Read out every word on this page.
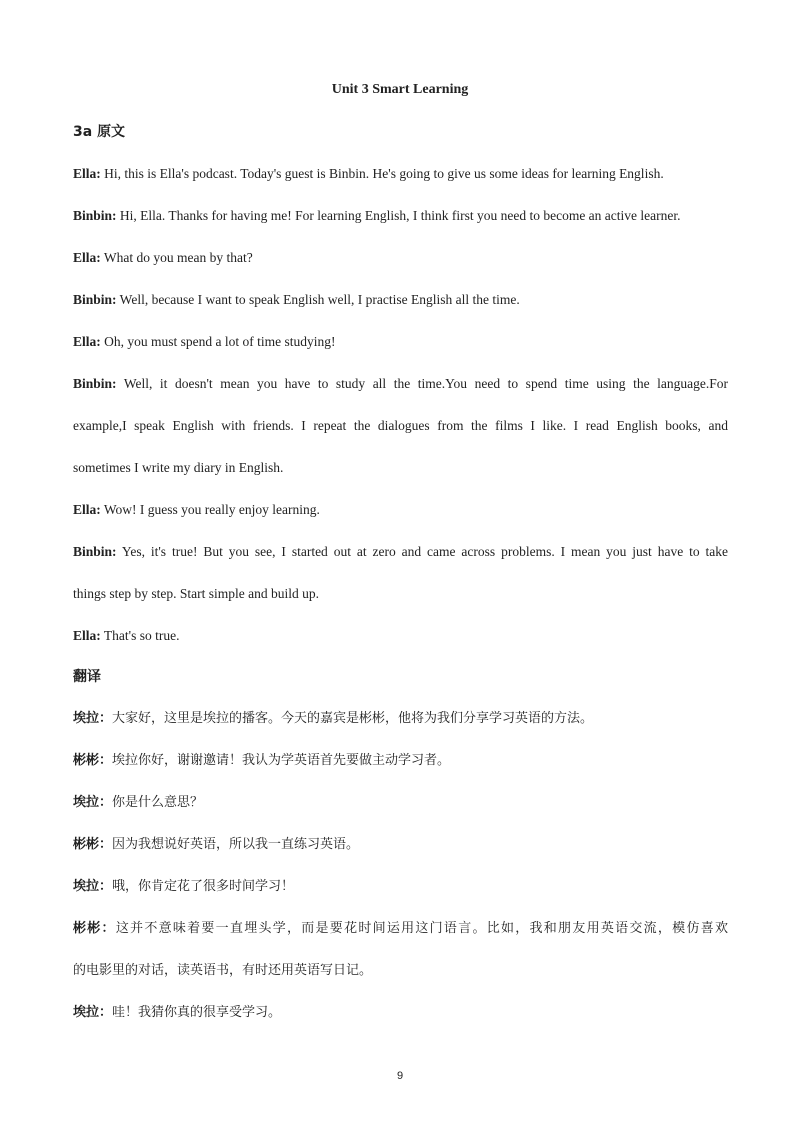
Unit 3 Smart Learning
3a 原文
Ella: Hi, this is Ella's podcast. Today's guest is Binbin. He's going to give us some ideas for learning English.
Binbin: Hi, Ella. Thanks for having me! For learning English, I think first you need to become an active learner.
Ella: What do you mean by that?
Binbin: Well, because I want to speak English well, I practise English all the time.
Ella: Oh, you must spend a lot of time studying!
Binbin: Well, it doesn't mean you have to study all the time.You need to spend time using the language.For
example,I speak English with friends. I repeat the dialogues from the films I like. I read English books, and
sometimes I write my diary in English.
Ella: Wow! I guess you really enjoy learning.
Binbin: Yes, it's true! But you see, I started out at zero and came across problems. I mean you just have to take
things step by step. Start simple and build up.
Ella: That's so true.
翻译
埃拉：大家好，这里是埃拉的播客。今天的嘉宾是彬彬，他将为我们分享学习英语的方法。
彬彬：埃拉你好，谢谢邀请！我认为学英语首先要做主动学习者。
埃拉：你是什么意思？
彬彬：因为我想说好英语，所以我一直练习英语。
埃拉：哦，你肯定花了很多时间学习！
彬彬：这并不意味着要一直埋头学，而是要花时间运用这门语言。比如，我和朋友用英语交流，模仿喜欢
的电影里的对话，读英语书，有时还用英语写日记。
埃拉：哇！我猜你真的很享受学习。
9
